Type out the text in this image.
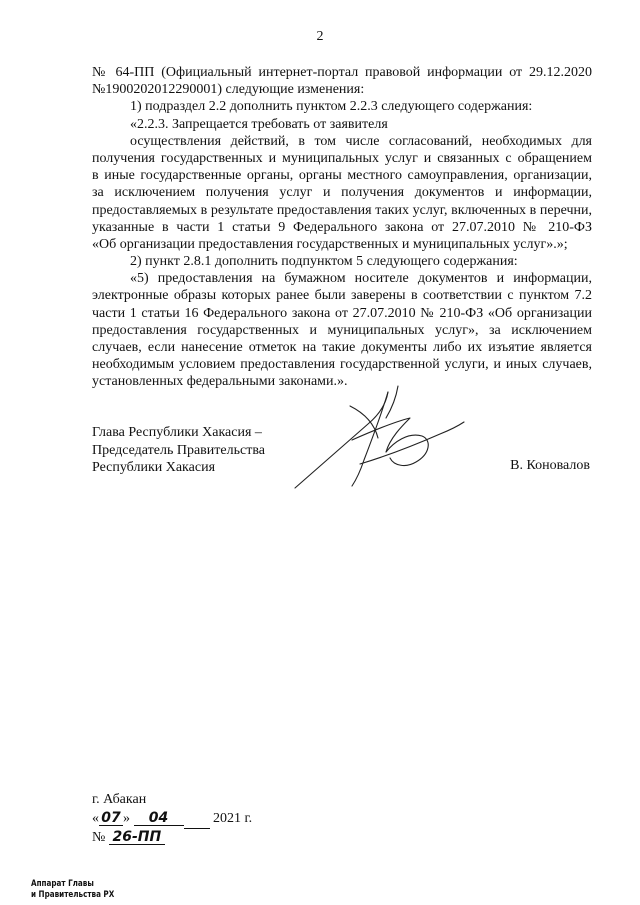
2
№ 64-ПП (Официальный интернет-портал правовой информации от 29.12.2020
№1900202012290001) следующие изменения:
1) подраздел 2.2 дополнить пунктом 2.2.3 следующего содержания:
«2.2.3. Запрещается требовать от заявителя
осуществления действий, в том числе согласований, необходимых для
получения государственных и муниципальных услуг и связанных с обращением
в иные государственные органы, органы местного самоуправления, организации,
за исключением получения услуг и получения документов и информации,
предоставляемых в результате предоставления таких услуг, включенных в перечни,
указанные в части 1 статьи 9 Федерального закона от 27.07.2010 № 210-ФЗ
«Об организации предоставления государственных и муниципальных услуг».»;
2) пункт 2.8.1 дополнить подпунктом 5 следующего содержания:
«5) предоставления на бумажном носителе документов и информации,
электронные образы которых ранее были заверены в соответствии с пунктом 7.2
части 1 статьи 16 Федерального закона от 27.07.2010 № 210-ФЗ «Об организации
предоставления государственных и муниципальных услуг», за исключением
случаев, если нанесение отметок на такие документы либо их изъятие является
необходимым условием предоставления государственной услуги, и иных случаев,
установленных федеральными законами.».
Глава Республики Хакасия –
Председатель Правительства
Республики Хакасия	В. Коновалов
г. Абакан
« 07 » 04	2021 г.
№ 26-ПП
Аппарат Главы
и Правительства РХ
